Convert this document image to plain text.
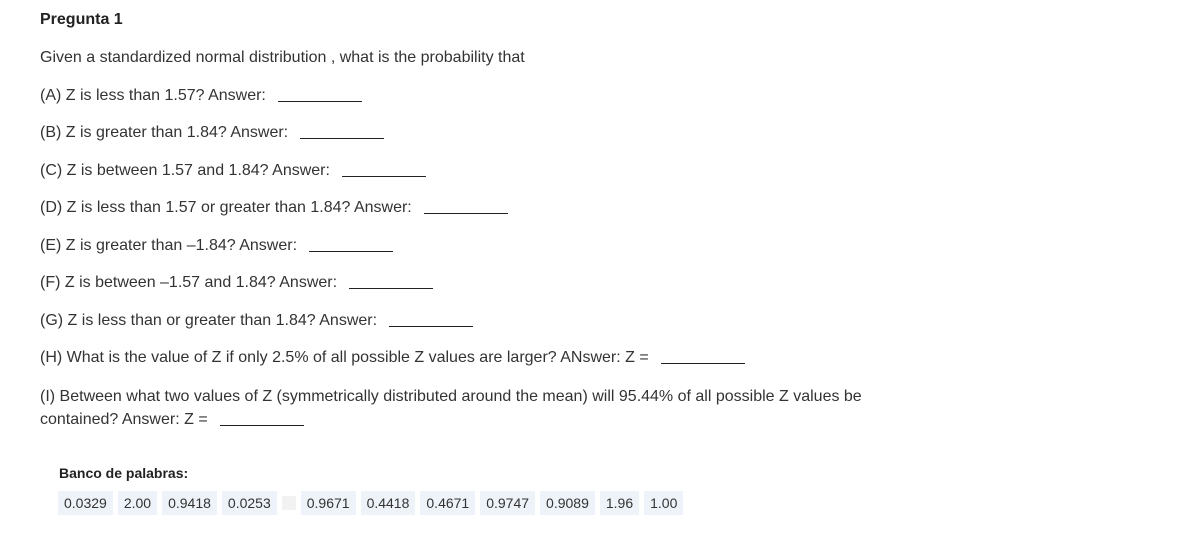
Pregunta 1
Given a standardized normal distribution , what is the probability that
(A) Z is less than 1.57? Answer:
(B) Z is greater than 1.84? Answer:
(C) Z is between 1.57 and 1.84? Answer:
(D) Z is less than 1.57 or greater than 1.84? Answer:
(E) Z is greater than –1.84? Answer:
(F) Z is between –1.57 and 1.84? Answer:
(G) Z is less than or greater than 1.84? Answer:
(H) What is the value of Z if only 2.5% of all possible Z values are larger? ANswer: Z =
(I) Between what two values of Z (symmetrically distributed around the mean) will 95.44% of all possible Z values be contained? Answer: Z =
Banco de palabras:
0.0329	2.00	0.9418	0.0253	0.9671	0.4418	0.4671	0.9747	0.9089	1.96	1.00
